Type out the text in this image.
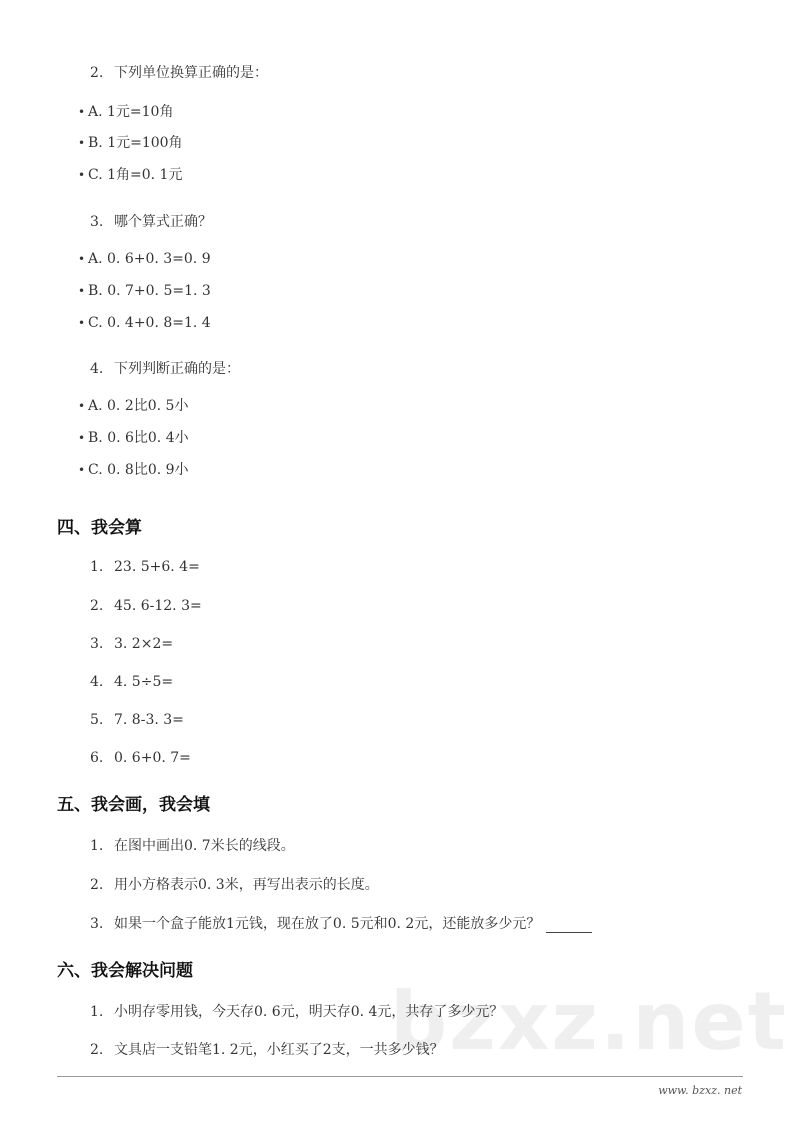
bzxz.net
2. 下列单位换算正确的是：
• A. 1元=10角
• B. 1元=100角
• C. 1角=0. 1元
3. 哪个算式正确？
• A. 0. 6+0. 3=0. 9
• B. 0. 7+0. 5=1. 3
• C. 0. 4+0. 8=1. 4
4. 下列判断正确的是：
• A. 0. 2比0. 5小
• B. 0. 6比0. 4小
• C. 0. 8比0. 9小
四、我会算
1. 23. 5+6. 4=
2. 45. 6-12. 3=
3. 3. 2×2=
4. 4. 5÷5=
5. 7. 8-3. 3=
6. 0. 6+0. 7=
五、我会画，我会填
1. 在图中画出0. 7米长的线段。
2. 用小方格表示0. 3米，再写出表示的长度。
3. 如果一个盒子能放1元钱，现在放了0. 5元和0. 2元，还能放多少元？
六、我会解决问题
1. 小明存零用钱，今天存0. 6元，明天存0. 4元，共存了多少元？
2. 文具店一支铅笔1. 2元，小红买了2支，一共多少钱？
www. bzxz. net
